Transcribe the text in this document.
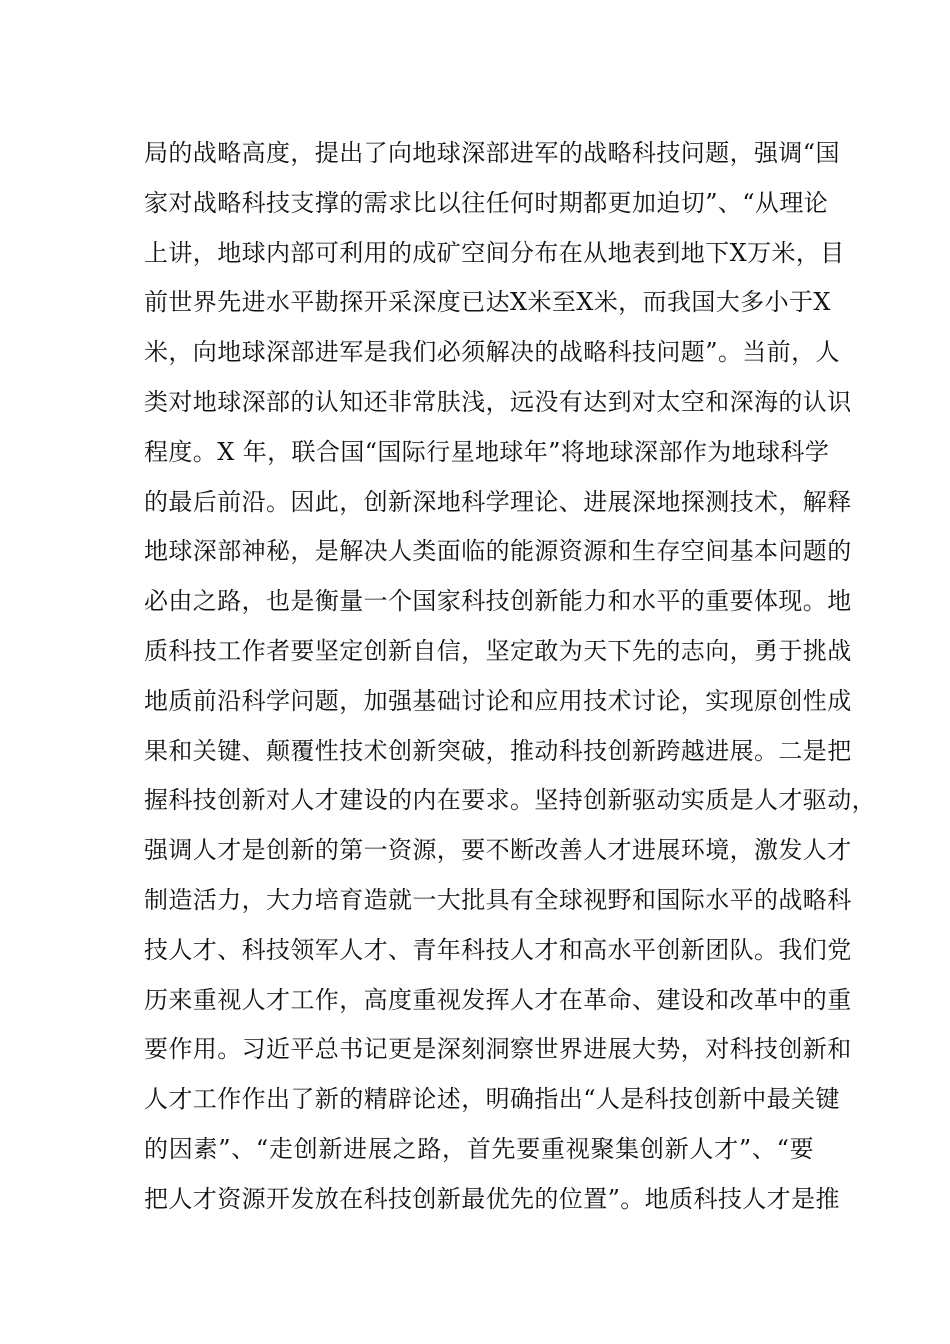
局的战略高度，提出了向地球深部进军的战略科技问题，强调“国
家对战略科技支撑的需求比以往任何时期都更加迫切”、“从理论
上讲，地球内部可利用的成矿空间分布在从地表到地下X万米，目
前世界先进水平勘探开采深度已达X米至X米，而我国大多小于X
米，向地球深部进军是我们必须解决的战略科技问题”。当前，人
类对地球深部的认知还非常肤浅，远没有达到对太空和深海的认识
程度。X 年，联合国“国际行星地球年”将地球深部作为地球科学
的最后前沿。因此，创新深地科学理论、进展深地探测技术，解释
地球深部神秘，是解决人类面临的能源资源和生存空间基本问题的
必由之路，也是衡量一个国家科技创新能力和水平的重要体现。地
质科技工作者要坚定创新自信，坚定敢为天下先的志向，勇于挑战
地质前沿科学问题，加强基础讨论和应用技术讨论，实现原创性成
果和关键、颠覆性技术创新突破，推动科技创新跨越进展。二是把
握科技创新对人才建设的内在要求。坚持创新驱动实质是人才驱动，
强调人才是创新的第一资源，要不断改善人才进展环境，激发人才
制造活力，大力培育造就一大批具有全球视野和国际水平的战略科
技人才、科技领军人才、青年科技人才和高水平创新团队。我们党
历来重视人才工作，高度重视发挥人才在革命、建设和改革中的重
要作用。习近平总书记更是深刻洞察世界进展大势，对科技创新和
人才工作作出了新的精辟论述，明确指出“人是科技创新中最关键
的因素”、“走创新进展之路，首先要重视聚集创新人才”、“要
把人才资源开发放在科技创新最优先的位置”。地质科技人才是推
